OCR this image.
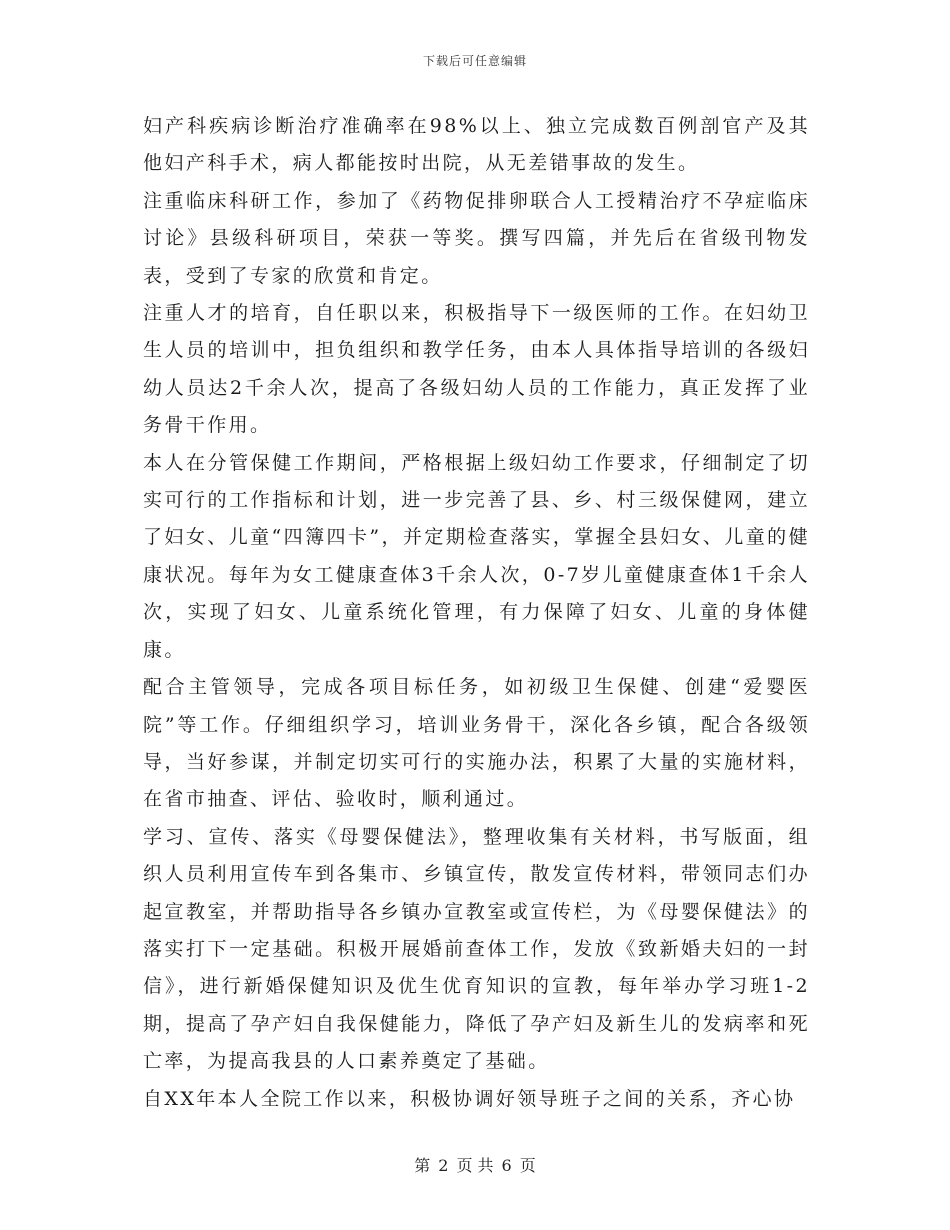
下载后可任意编辑

妇产科疾病诊断治疗准确率在98%以上、独立完成数百例剖官产及其他妇产科手术，病人都能按时出院，从无差错事故的发生。

注重临床科研工作，参加了《药物促排卵联合人工授精治疗不孕症临床讨论》县级科研项目，荣获一等奖。撰写四篇，并先后在省级刊物发表，受到了专家的欣赏和肯定。

注重人才的培育，自任职以来，积极指导下一级医师的工作。在妇幼卫生人员的培训中，担负组织和教学任务，由本人具体指导培训的各级妇幼人员达2千余人次，提高了各级妇幼人员的工作能力，真正发挥了业务骨干作用。

本人在分管保健工作期间，严格根据上级妇幼工作要求，仔细制定了切实可行的工作指标和计划，进一步完善了县、乡、村三级保健网，建立了妇女、儿童“四簿四卡”，并定期检查落实，掌握全县妇女、儿童的健康状况。每年为女工健康查体3千余人次，0-7岁儿童健康查体1千余人次，实现了妇女、儿童系统化管理，有力保障了妇女、儿童的身体健康。

配合主管领导，完成各项目标任务，如初级卫生保健、创建“爱婴医院”等工作。仔细组织学习，培训业务骨干，深化各乡镇，配合各级领导，当好参谋，并制定切实可行的实施办法，积累了大量的实施材料，在省市抽查、评估、验收时，顺利通过。

学习、宣传、落实《母婴保健法》，整理收集有关材料，书写版面，组织人员利用宣传车到各集市、乡镇宣传，散发宣传材料，带领同志们办起宣教室，并帮助指导各乡镇办宣教室或宣传栏，为《母婴保健法》的落实打下一定基础。积极开展婚前查体工作，发放《致新婚夫妇的一封信》，进行新婚保健知识及优生优育知识的宣教，每年举办学习班1-2期，提高了孕产妇自我保健能力，降低了孕产妇及新生儿的发病率和死亡率，为提高我县的人口素养奠定了基础。

自XX年本人全院工作以来，积极协调好领导班子之间的关系，齐心协

第 2 页 共 6 页
